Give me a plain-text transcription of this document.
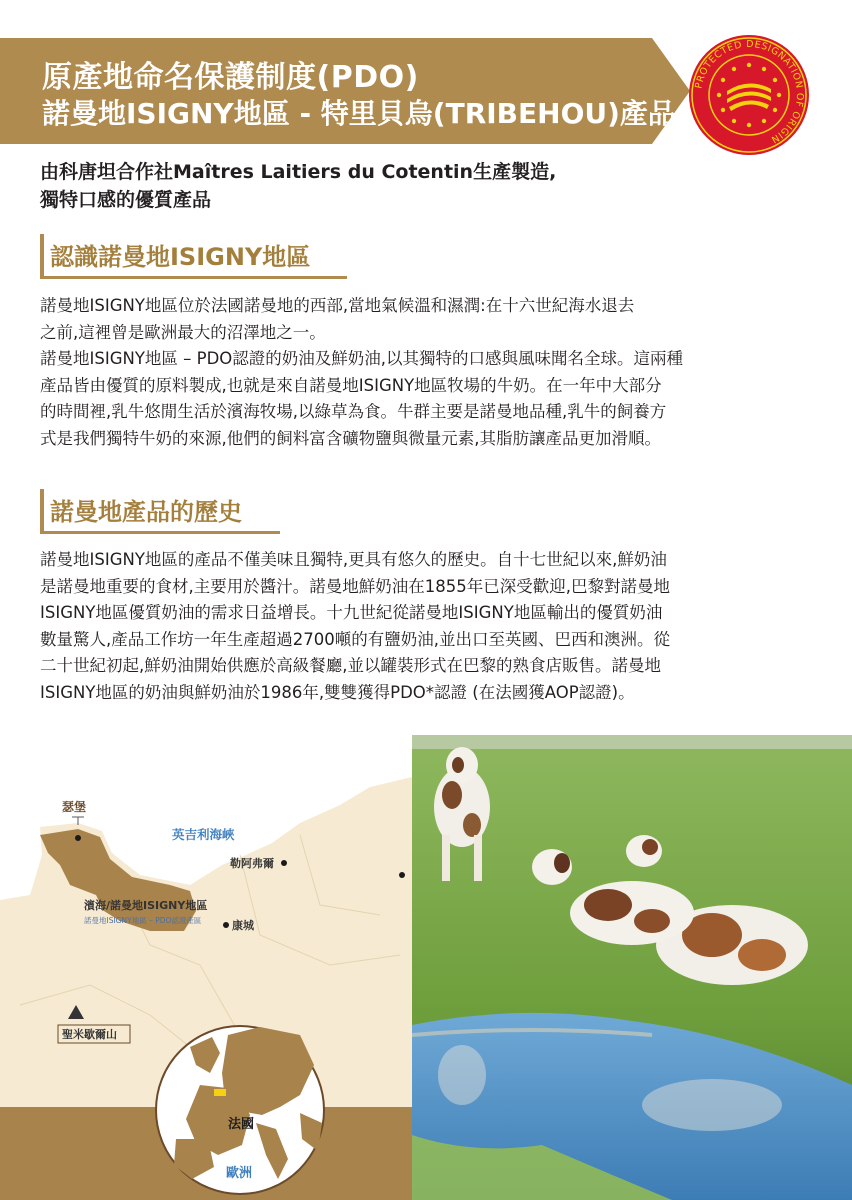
原產地命名保護制度(PDO)
諾曼地ISIGNY地區 - 特里貝烏(TRIBEHOU)產品
PROTECTED DESIGNATION OF ORIGIN
由科唐坦合作社Maîtres Laitiers du Cotentin生產製造,
獨特口感的優質產品
認識諾曼地ISIGNY地區
諾曼地ISIGNY地區位於法國諾曼地的西部,當地氣候溫和濕潤:在十六世紀海水退去
之前,這裡曾是歐洲最大的沼澤地之一。
諾曼地ISIGNY地區 – PDO認證的奶油及鮮奶油,以其獨特的口感與風味聞名全球。這兩種
產品皆由優質的原料製成,也就是來自諾曼地ISIGNY地區牧場的牛奶。在一年中大部分
的時間裡,乳牛悠閒生活於濱海牧場,以綠草為食。牛群主要是諾曼地品種,乳牛的飼養方
式是我們獨特牛奶的來源,他們的飼料富含礦物鹽與微量元素,其脂肪讓產品更加滑順。
諾曼地產品的歷史
諾曼地ISIGNY地區的產品不僅美味且獨特,更具有悠久的歷史。自十七世紀以來,鮮奶油
是諾曼地重要的食材,主要用於醬汁。諾曼地鮮奶油在1855年已深受歡迎,巴黎對諾曼地
ISIGNY地區優質奶油的需求日益增長。十九世紀從諾曼地ISIGNY地區輸出的優質奶油
數量驚人,產品工作坊一年生產超過2700噸的有鹽奶油,並出口至英國、巴西和澳洲。從
二十世紀初起,鮮奶油開始供應於高級餐廳,並以罐裝形式在巴黎的熟食店販售。諾曼地
ISIGNY地區的奶油與鮮奶油於1986年,雙雙獲得PDO*認證 (在法國獲AOP認證)。
瑟堡
英吉利海峽
勒阿弗爾
濱海/諾曼地ISIGNY地區
諾曼地ISIGNY地區 – PDO認證產區	康城
聖米歇爾山
法國
歐洲
